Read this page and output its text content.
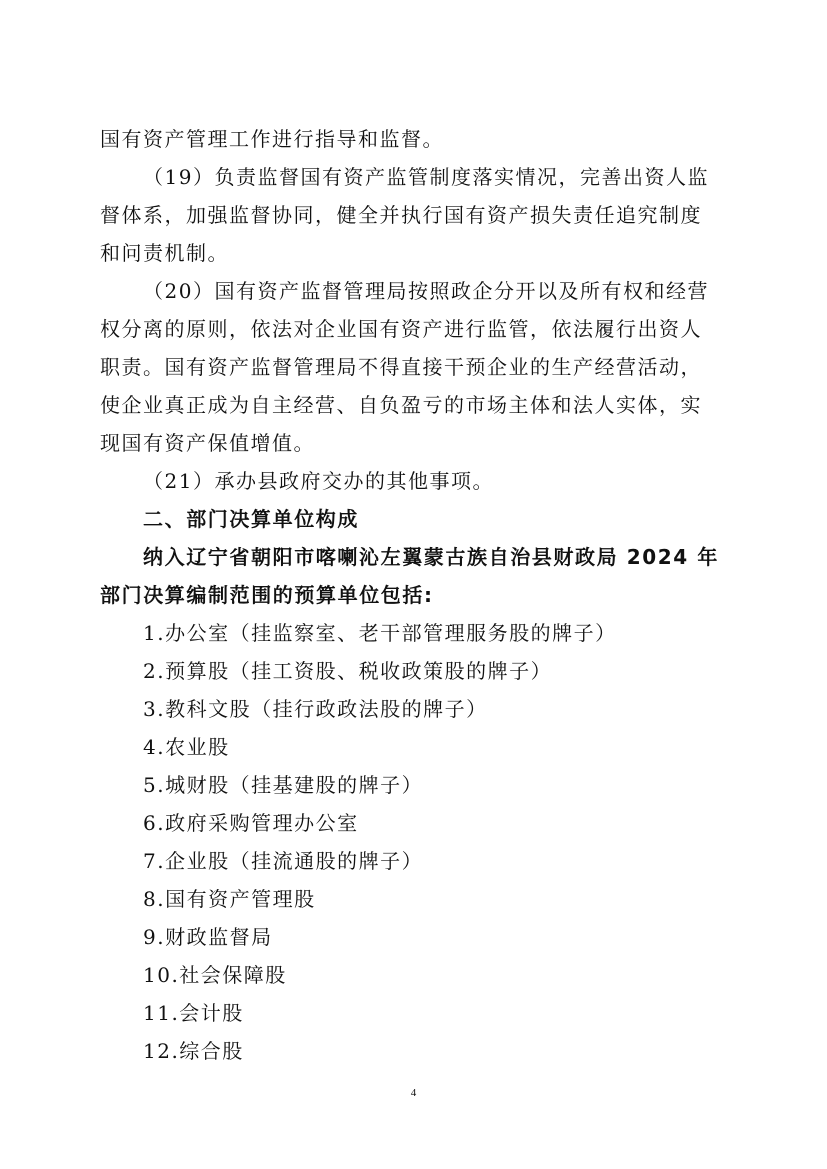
国有资产管理工作进行指导和监督。
（19）负责监督国有资产监管制度落实情况，完善出资人监
督体系，加强监督协同，健全并执行国有资产损失责任追究制度
和问责机制。
（20）国有资产监督管理局按照政企分开以及所有权和经营
权分离的原则，依法对企业国有资产进行监管，依法履行出资人
职责。国有资产监督管理局不得直接干预企业的生产经营活动，
使企业真正成为自主经营、自负盈亏的市场主体和法人实体，实
现国有资产保值增值。
（21）承办县政府交办的其他事项。
二、部门决算单位构成
纳入辽宁省朝阳市喀喇沁左翼蒙古族自治县财政局 2024 年
部门决算编制范围的预算单位包括:
1.办公室（挂监察室、老干部管理服务股的牌子）
2.预算股（挂工资股、税收政策股的牌子）
3.教科文股（挂行政政法股的牌子）
4.农业股
5.城财股（挂基建股的牌子）
6.政府采购管理办公室
7.企业股（挂流通股的牌子）
8.国有资产管理股
9.财政监督局
10.社会保障股
11.会计股
12.综合股
4
